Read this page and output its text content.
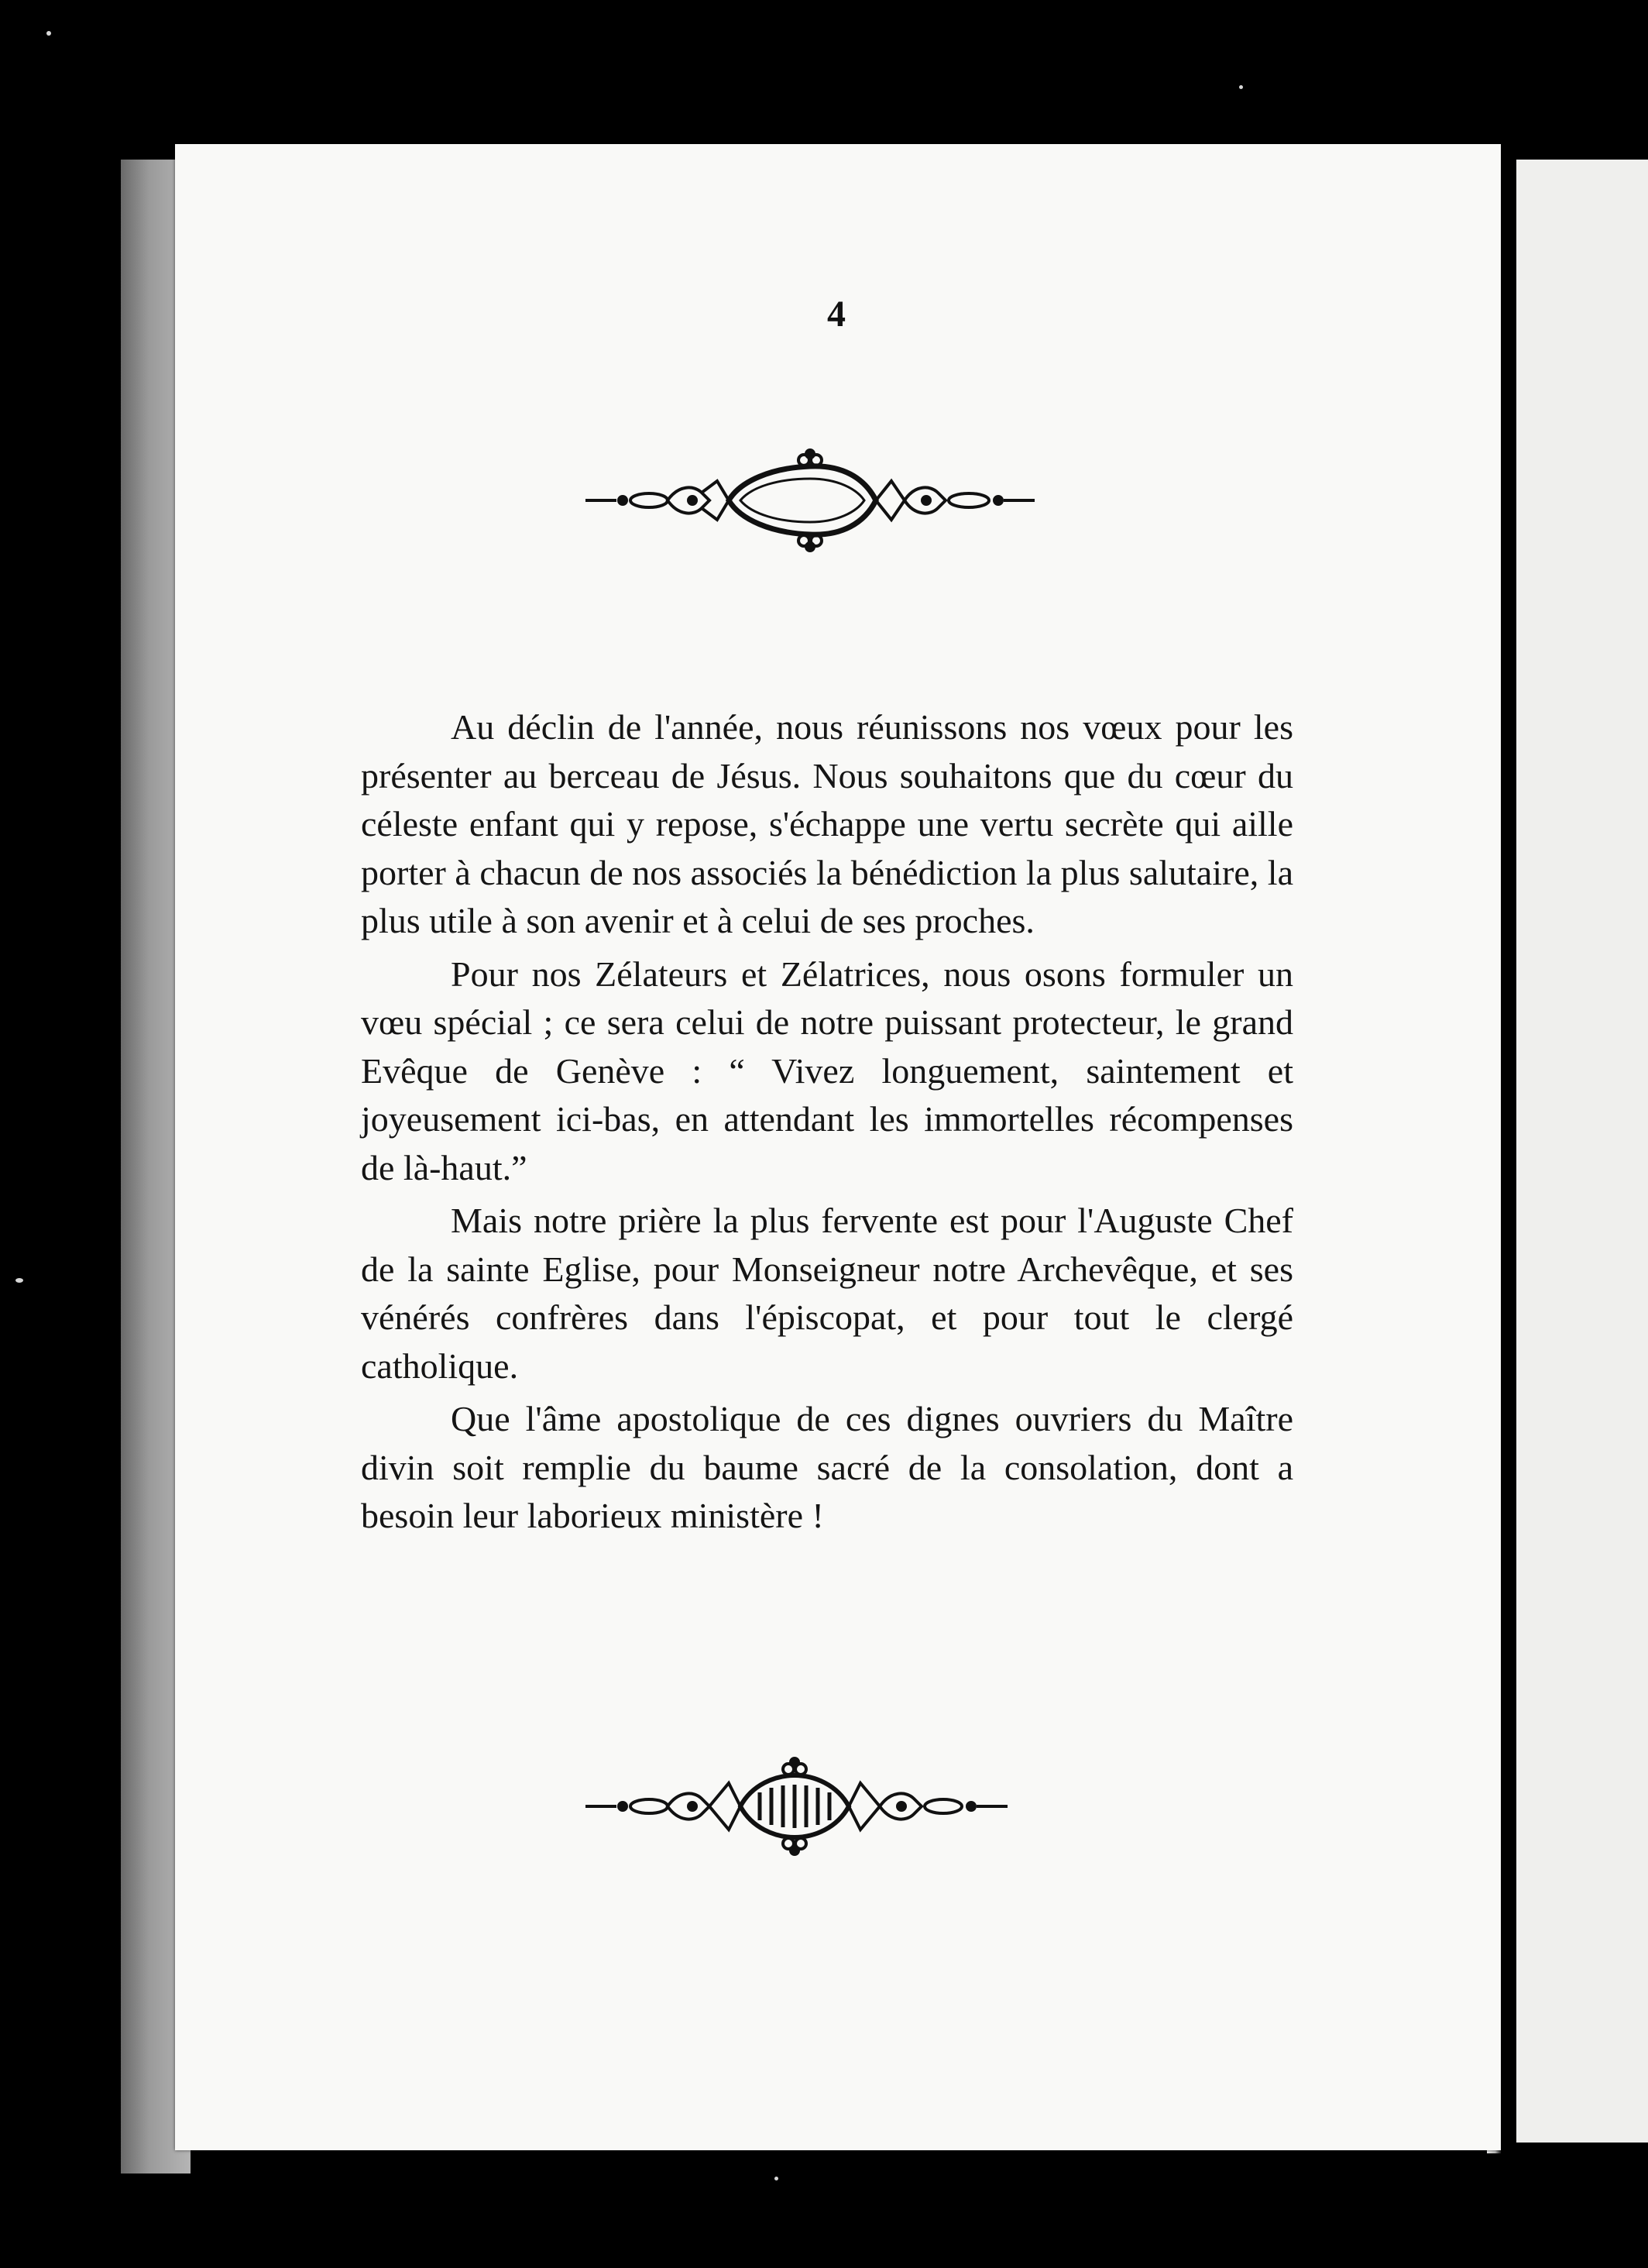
4

Au déclin de l'année, nous réunissons nos vœux pour les présenter au berceau de Jésus. Nous souhaitons que du cœur du céleste enfant qui y repose, s'échappe une vertu secrète qui aille porter à chacun de nos associés la bénédiction la plus salutaire, la plus utile à son avenir et à celui de ses proches.

Pour nos Zélateurs et Zélatrices, nous osons formuler un vœu spécial ; ce sera celui de notre puissant protecteur, le grand Evêque de Genève : “ Vivez longuement, saintement et joyeusement ici-bas, en attendant les immortelles récompenses de là-haut.”

Mais notre prière la plus fervente est pour l'Auguste Chef de la sainte Eglise, pour Monseigneur notre Archevêque, et ses vénérés confrères dans l'épiscopat, et pour tout le clergé catholique.

Que l'âme apostolique de ces dignes ouvriers du Maître divin soit remplie du baume sacré de la consolation, dont a besoin leur laborieux ministère !
